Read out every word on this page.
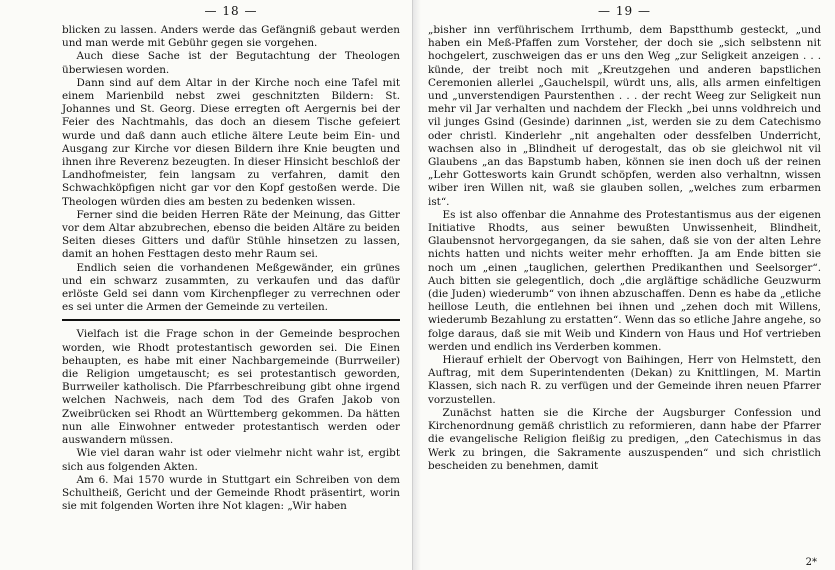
— 18 —

blicken zu lassen. Anders werde das Gefängniß gebaut werden und man werde mit Gebühr gegen sie vorgehen.

Auch diese Sache ist der Begutachtung der Theologen überwiesen worden.

Dann sind auf dem Altar in der Kirche noch eine Tafel mit einem Marienbild nebst zwei geschnitzten Bildern: St. Johannes und St. Georg. Diese erregten oft Aergernis bei der Feier des Nachtmahls, das doch an diesem Tische gefeiert wurde und daß dann auch etliche ältere Leute beim Ein- und Ausgang zur Kirche vor diesen Bildern ihre Knie beugten und ihnen ihre Reverenz bezeugten. In dieser Hinsicht beschloß der Landhofmeister, fein langsam zu verfahren, damit den Schwachköpfigen nicht gar vor den Kopf gestoßen werde. Die Theologen würden dies am besten zu bedenken wissen.

Ferner sind die beiden Herren Räte der Meinung, das Gitter vor dem Altar abzubrechen, ebenso die beiden Altäre zu beiden Seiten dieses Gitters und dafür Stühle hinsetzen zu lassen, damit an hohen Festtagen desto mehr Raum sei.

Endlich seien die vorhandenen Meßgewänder, ein grünes und ein schwarz zusammten, zu verkaufen und das dafür erlöste Geld sei dann vom Kirchenpfleger zu verrechnen oder es sei unter die Armen der Gemeinde zu verteilen.

Vielfach ist die Frage schon in der Gemeinde besprochen worden, wie Rhodt protestantisch geworden sei. Die Einen behaupten, es habe mit einer Nachbargemeinde (Burrweiler) die Religion umgetauscht; es sei protestantisch geworden, Burrweiler katholisch. Die Pfarrbeschreibung gibt ohne irgend welchen Nachweis, nach dem Tod des Grafen Jakob von Zweibrücken sei Rhodt an Württemberg gekommen. Da hätten nun alle Einwohner entweder protestantisch werden oder auswandern müssen.

Wie viel daran wahr ist oder vielmehr nicht wahr ist, ergibt sich aus folgenden Akten.

Am 6. Mai 1570 wurde in Stuttgart ein Schreiben von dem Schultheiß, Gericht und der Gemeinde Rhodt präsentirt, worin sie mit folgenden Worten ihre Not klagen: „Wir haben

— 19 —

„bisher inn verführischem Irrthumb, dem Bapstthumb gesteckt, „und haben ein Meß-Pfaffen zum Vorsteher, der doch sie „sich selbstenn nit hochgelert, zuschweigen das er uns den Weg „zur Seligkeit anzeigen . . . künde, der treibt noch mit „Kreutzgehen und anderen bapstlichen Ceremonien allerlei „Gauchelspil, würdt uns, alls, alls armen einfeltigen und „unverstendigen Paurstenthen . . . der recht Weeg zur Seligkeit nun mehr vil Jar verhalten und nachdem der Fleckh „bei unns voldhreich und vil junges Gsind (Gesinde) darinnen „ist, werden sie zu dem Catechismo oder christl. Kinderlehr „nit angehalten oder dessfelben Underricht, wachsen also in „Blindheit uf derogestalt, das ob sie gleichwol nit vil Glaubens „an das Bapstumb haben, können sie inen doch uß der reinen „Lehr Gottesworts kain Grundt schöpfen, werden also verhaltnn, wissen wiber iren Willen nit, waß sie glauben sollen, „welches zum erbarmen ist“.

Es ist also offenbar die Annahme des Protestantismus aus der eigenen Initiative Rhodts, aus seiner bewußten Unwissenheit, Blindheit, Glaubensnot hervorgegangen, da sie sahen, daß sie von der alten Lehre nichts hatten und nichts weiter mehr erhofften. Ja am Ende bitten sie noch um „einen „tauglichen, gelerthen Predikanthen und Seelsorger“. Auch bitten sie gelegentlich, doch „die argläftige schädliche Geuzwurm (die Juden) wiederumb“ von ihnen abzuschaffen. Denn es habe da „etliche heillose Leuth, die entlehnen bei ihnen und „zehen doch mit Willens, wiederumb Bezahlung zu erstatten“. Wenn das so etliche Jahre angehe, so folge daraus, daß sie mit Weib und Kindern von Haus und Hof vertrieben werden und endlich ins Verderben kommen.

Hierauf erhielt der Obervogt von Baihingen, Herr von Helmstett, den Auftrag, mit dem Superintendenten (Dekan) zu Knittlingen, M. Martin Klassen, sich nach R. zu verfügen und der Gemeinde ihren neuen Pfarrer vorzustellen.

Zunächst hatten sie die Kirche der Augsburger Confession und Kirchenordnung gemäß christlich zu reformieren, dann habe der Pfarrer die evangelische Religion fleißig zu predigen, „den Catechismus in das Werk zu bringen, die Sakramente auszuspenden“ und sich christlich bescheiden zu benehmen, damit

2*
